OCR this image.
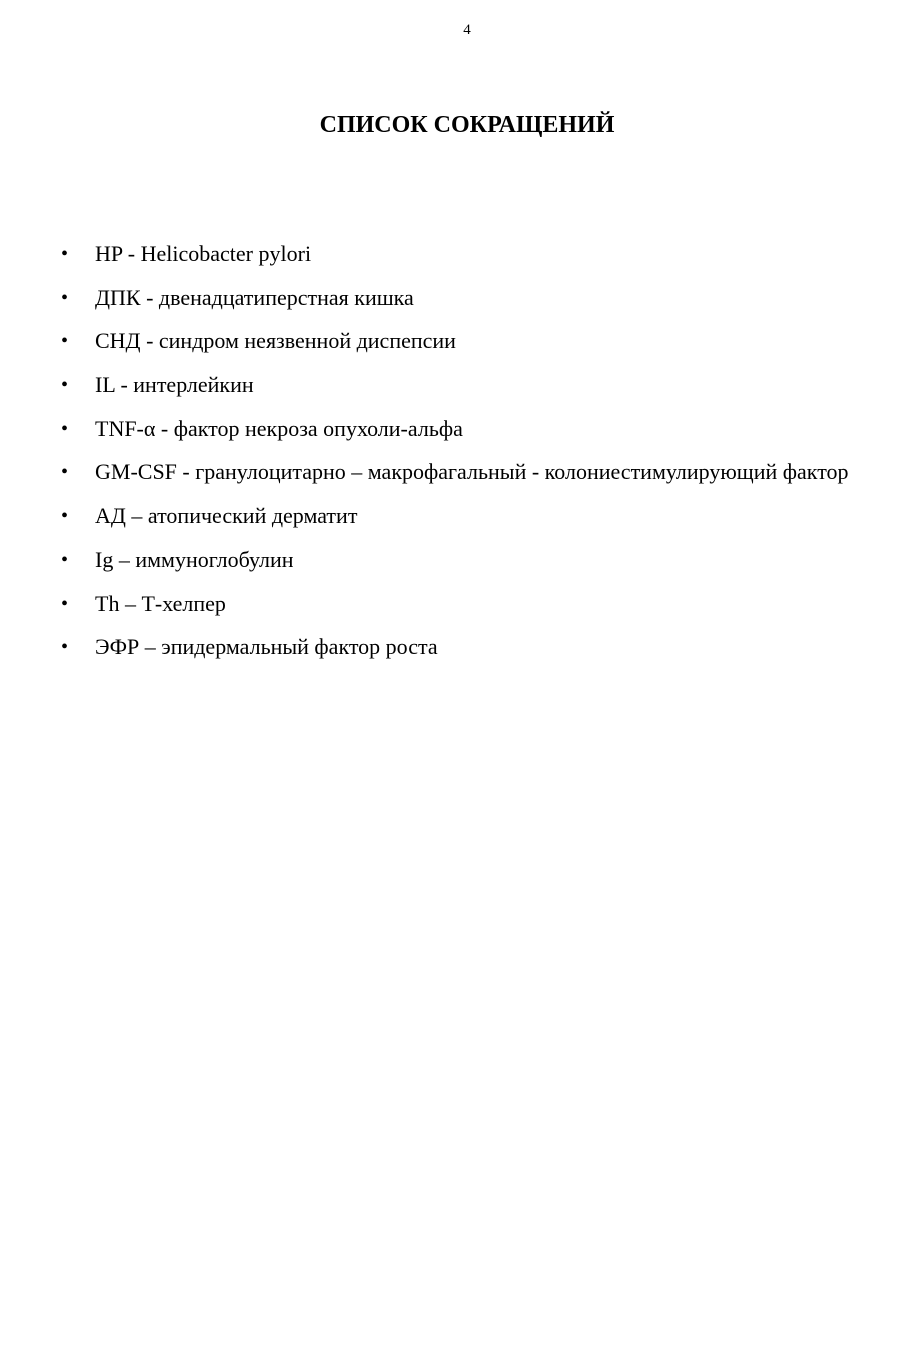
4
СПИСОК СОКРАЩЕНИЙ
•	HP - Helicobacter pylori
•	ДПК - двенадцатиперстная кишка
•	СНД - синдром неязвенной диспепсии
•	IL - интерлейкин
•	TNF-α - фактор некроза опухоли-альфа
•	GM-CSF - гранулоцитарно – макрофагальный - колониестимулирующий фактор
•	АД – атопический дерматит
•	Ig – иммуноглобулин
•	Th – Т-хелпер
•	ЭФР – эпидермальный фактор роста
